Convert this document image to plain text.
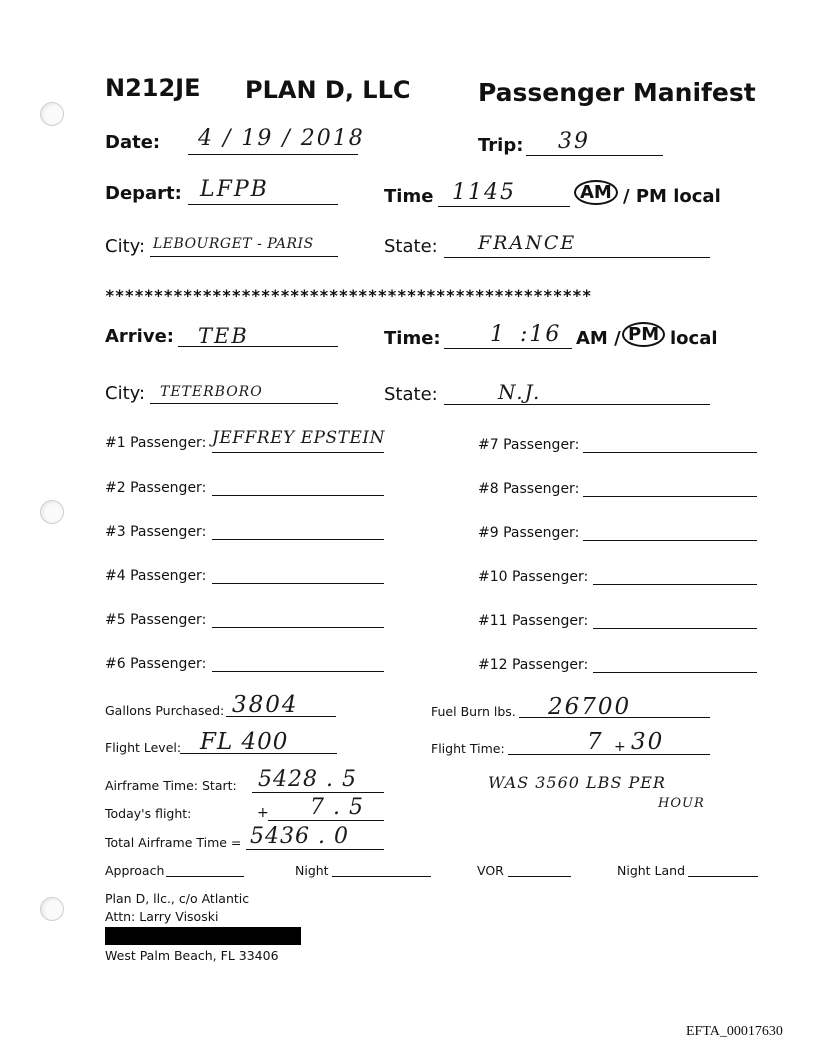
N212JE PLAN D, LLC	Passenger Manifest
Date: 4 / 19 / 2018	Trip: 39
Depart: LFPB	Time 1145	AM / PM local
City: LEBOURGET - PARIS	State: FRANCE
**************************************************
Arrive: TEB	Time: 1 :16 AM / PM local
City: TETERBORO	State:	N.J.
#1 Passenger: JEFFREY EPSTEIN
#2 Passenger:
#3 Passenger:
#4 Passenger:
#5 Passenger:
#6 Passenger:
#7 Passenger:
#8 Passenger:
#9 Passenger:
#10 Passenger:
#11 Passenger:
#12 Passenger:
Gallons Purchased: 3804	Fuel Burn lbs. 26700
Flight Level: FL 400	Flight Time:	7 + 30
Airframe Time: Start: 5428 . 5	WAS 3560 LBS PER
HOUR
Today's flight:	+ 7 . 5
Total Airframe Time = 5436 . 0
Approach	Night	VOR	Night Land
Plan D, llc., c/o Atlantic
Attn: Larry Visoski
West Palm Beach, FL 33406
EFTA_00017630
